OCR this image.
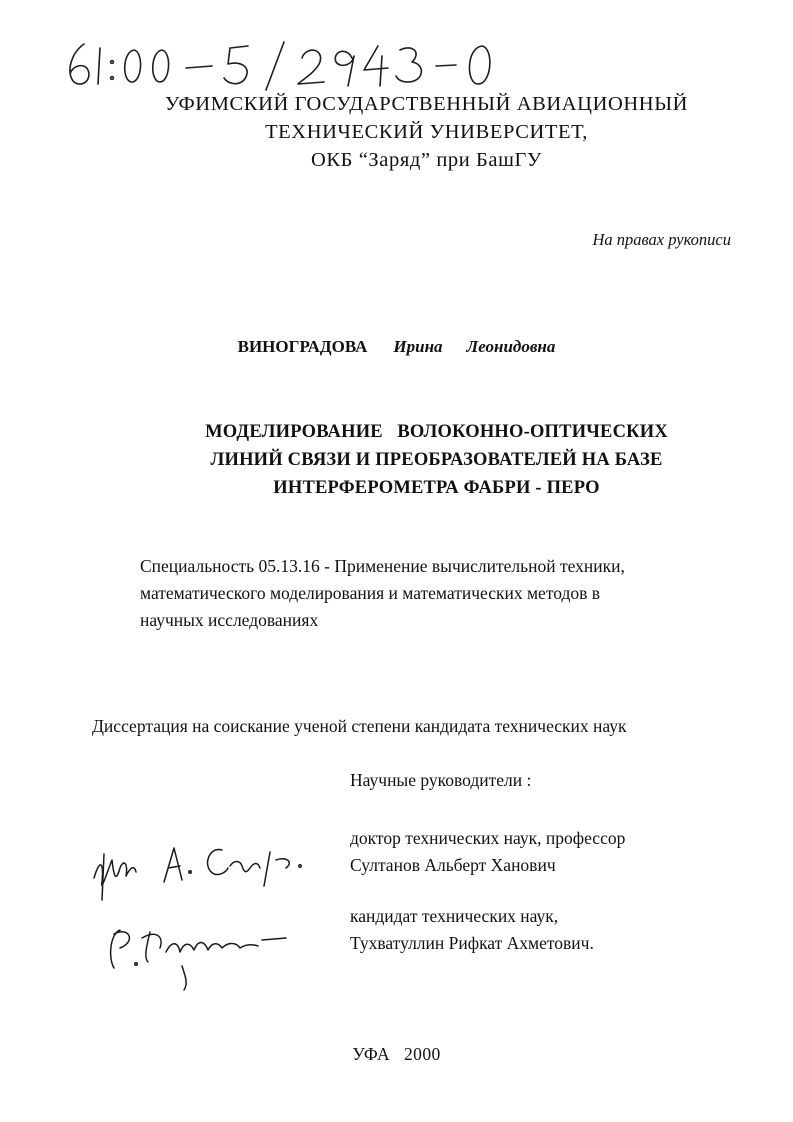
УФИМСКИЙ ГОСУДАРСТВЕННЫЙ АВИАЦИОННЫЙ
ТЕХНИЧЕСКИЙ УНИВЕРСИТЕТ,
ОКБ “Заряд” при БашГУ
На правах рукописи
ВИНОГРАДОВА Ирина Леонидовна
МОДЕЛИРОВАНИЕ   ВОЛОКОННО-ОПТИЧЕСКИХ
ЛИНИЙ СВЯЗИ И ПРЕОБРАЗОВАТЕЛЕЙ НА БАЗЕ
ИНТЕРФЕРОМЕТРА ФАБРИ - ПЕРО
Специальность 05.13.16 - Применение вычислительной техники,
математического моделирования и математических методов в
научных исследованиях
Диссертация на соискание ученой степени кандидата технических наук
Научные руководители :
доктор технических наук, профессор
Султанов Альберт Ханович
кандидат технических наук,
Тухватуллин Рифкат Ахметович.
УФА 2000
